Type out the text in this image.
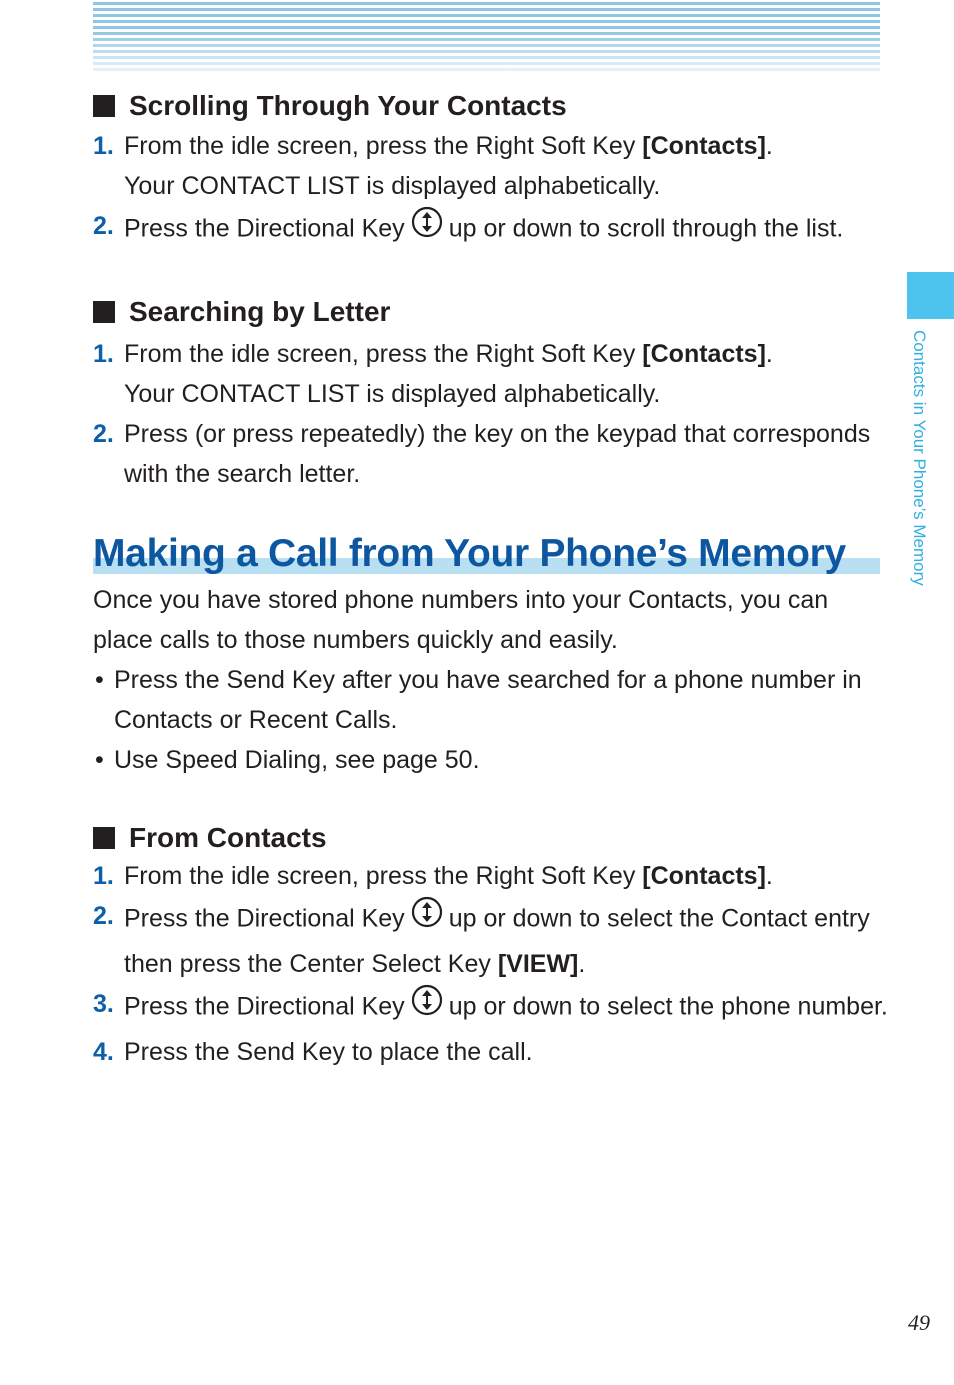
Contacts in Your Phone’s Memory
Scrolling Through Your Contacts
1. From the idle screen, press the Right Soft Key [Contacts].
Your CONTACT LIST is displayed alphabetically.
2. Press the Directional Key up or down to scroll through the list.
Searching by Letter
1. From the idle screen, press the Right Soft Key [Contacts].
Your CONTACT LIST is displayed alphabetically.
2. Press (or press repeatedly) the key on the keypad that corresponds with the search letter.
Making a Call from Your Phone’s Memory

Once you have stored phone numbers into your Contacts, you can place calls to those numbers quickly and easily.

• Press the Send Key after you have searched for a phone number in Contacts or Recent Calls.
• Use Speed Dialing, see page 50.
From Contacts
1. From the idle screen, press the Right Soft Key [Contacts].
2. Press the Directional Key up or down to select the Contact entry then press the Center Select Key [VIEW].
3. Press the Directional Key up or down to select the phone number.
4. Press the Send Key to place the call.
49
